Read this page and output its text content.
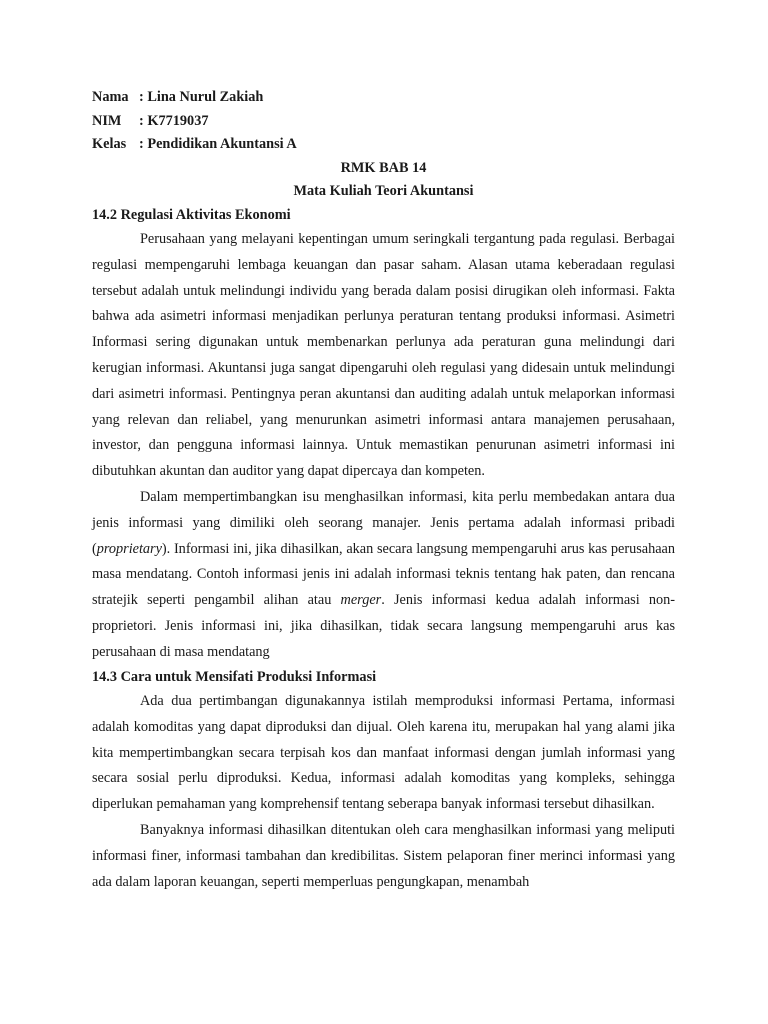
Nama : Lina Nurul Zakiah
NIM : K7719037
Kelas : Pendidikan Akuntansi A
RMK BAB 14
Mata Kuliah Teori Akuntansi
14.2 Regulasi Aktivitas Ekonomi

Perusahaan yang melayani kepentingan umum seringkali tergantung pada regulasi. Berbagai regulasi mempengaruhi lembaga keuangan dan pasar saham. Alasan utama keberadaan regulasi tersebut adalah untuk melindungi individu yang berada dalam posisi dirugikan oleh informasi. Fakta bahwa ada asimetri informasi menjadikan perlunya peraturan tentang produksi informasi. Asimetri Informasi sering digunakan untuk membenarkan perlunya ada peraturan guna melindungi dari kerugian informasi. Akuntansi juga sangat dipengaruhi oleh regulasi yang didesain untuk melindungi dari asimetri informasi. Pentingnya peran akuntansi dan auditing adalah untuk melaporkan informasi yang relevan dan reliabel, yang menurunkan asimetri informasi antara manajemen perusahaan, investor, dan pengguna informasi lainnya. Untuk memastikan penurunan asimetri informasi ini dibutuhkan akuntan dan auditor yang dapat dipercaya dan kompeten.

Dalam mempertimbangkan isu menghasilkan informasi, kita perlu membedakan antara dua jenis informasi yang dimiliki oleh seorang manajer. Jenis pertama adalah informasi pribadi (proprietary). Informasi ini, jika dihasilkan, akan secara langsung mempengaruhi arus kas perusahaan masa mendatang. Contoh informasi jenis ini adalah informasi teknis tentang hak paten, dan rencana stratejik seperti pengambil alihan atau merger. Jenis informasi kedua adalah informasi non-proprietori. Jenis informasi ini, jika dihasilkan, tidak secara langsung mempengaruhi arus kas perusahaan di masa mendatang

14.3 Cara untuk Mensifati Produksi Informasi

Ada dua pertimbangan digunakannya istilah memproduksi informasi Pertama, informasi adalah komoditas yang dapat diproduksi dan dijual. Oleh karena itu, merupakan hal yang alami jika kita mempertimbangkan secara terpisah kos dan manfaat informasi dengan jumlah informasi yang secara sosial perlu diproduksi. Kedua, informasi adalah komoditas yang kompleks, sehingga diperlukan pemahaman yang komprehensif tentang seberapa banyak informasi tersebut dihasilkan.

Banyaknya informasi dihasilkan ditentukan oleh cara menghasilkan informasi yang meliputi informasi finer, informasi tambahan dan kredibilitas. Sistem pelaporan finer merinci informasi yang ada dalam laporan keuangan, seperti memperluas pengungkapan, menambah
